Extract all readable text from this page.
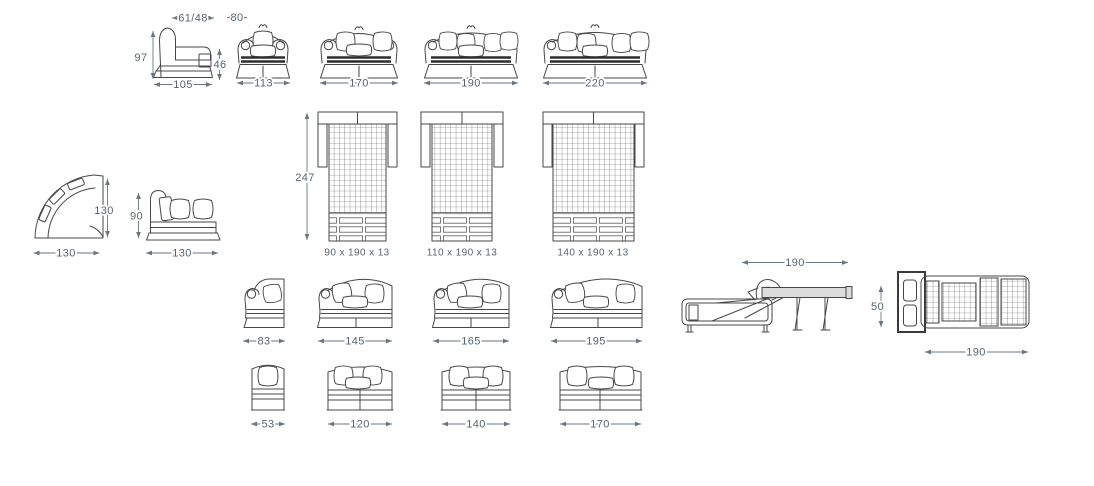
61/48
97
105
46
80
113	170	190	220
247
90 x 190 x 13	110 x 190 x 13	140 x 190 x 13
130
130
90
130
83	145	165	195
53	120	140	170
190
50
190
